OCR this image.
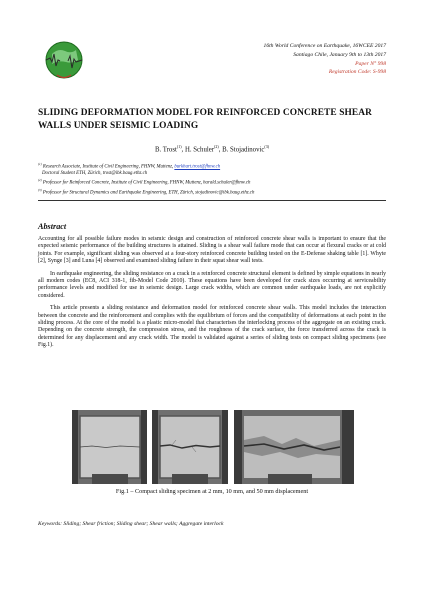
16th World Conference on Earthquake, 16WCEE 2017
Santiago Chile, January 9th to 13th 2017
Paper N° 998
Registration Code: S-998
SLIDING DEFORMATION MODEL FOR REINFORCED CONCRETE SHEAR WALLS UNDER SEISMIC LOADING
B. Trost$^{(1)}$, H. Schuler$^{(2)}$, B. Stojadinovic$^{(3)}$
$^{(1)}$ Research Associate, Institute of Civil Engineering, FHNW, Muttenz, burkhart.trost@fhnw.ch
Doctoral Student ETH, Zürich, trost@ibk.baug.ethz.ch
$^{(2)}$ Professor for Reinforced Concrete, Institute of Civil Engineering, FHNW, Muttenz, harald.schuler@fhnw.ch
$^{(3)}$ Professor for Structural Dynamics and Earthquake Engineering, ETH, Zürich, stojadinovic@ibk.baug.ethz.ch
Abstract

Accounting for all possible failure modes in seismic design and construction of reinforced concrete shear walls is important to ensure that the expected seismic performance of the building structures is attained. Sliding is a shear wall failure mode that can occur at flexural cracks or at cold joints. For example, significant sliding was observed at a four-story reinforced concrete building tested on the E-Defense shaking table [1]. Whyte [2], Synge [3] and Luna [4] observed and examined sliding failure in their squat shear wall tests.

In earthquake engineering, the sliding resistance on a crack in a reinforced concrete structural element is defined by simple equations in nearly all modern codes (EC8, ACI 318-1, fib-Model Code 2010). These equations have been developed for crack sizes occurring at serviceability performance levels and modified for use in seismic design. Large crack widths, which are common under earthquake loads, are not explicitly considered.

This article presents a sliding resistance and deformation model for reinforced concrete shear walls. This model includes the interaction between the concrete and the reinforcement and complies with the equilibrium of forces and the compatibility of deformations at each point in the sliding process. At the core of the model is a plastic micro-model that characterises the interlocking process of the aggregate on an existing crack. Depending on the concrete strength, the compression stress, and the roughness of the crack surface, the force transferred across the crack is determined for any displacement and any crack width. The model is validated against a series of sliding tests on compact sliding specimens (see Fig.1).

Fig.1 – Compact sliding specimen at 2 mm, 10 mm, and 50 mm displacement
Keywords: Sliding; Shear friction; Sliding shear; Shear walls; Aggregate interlock
